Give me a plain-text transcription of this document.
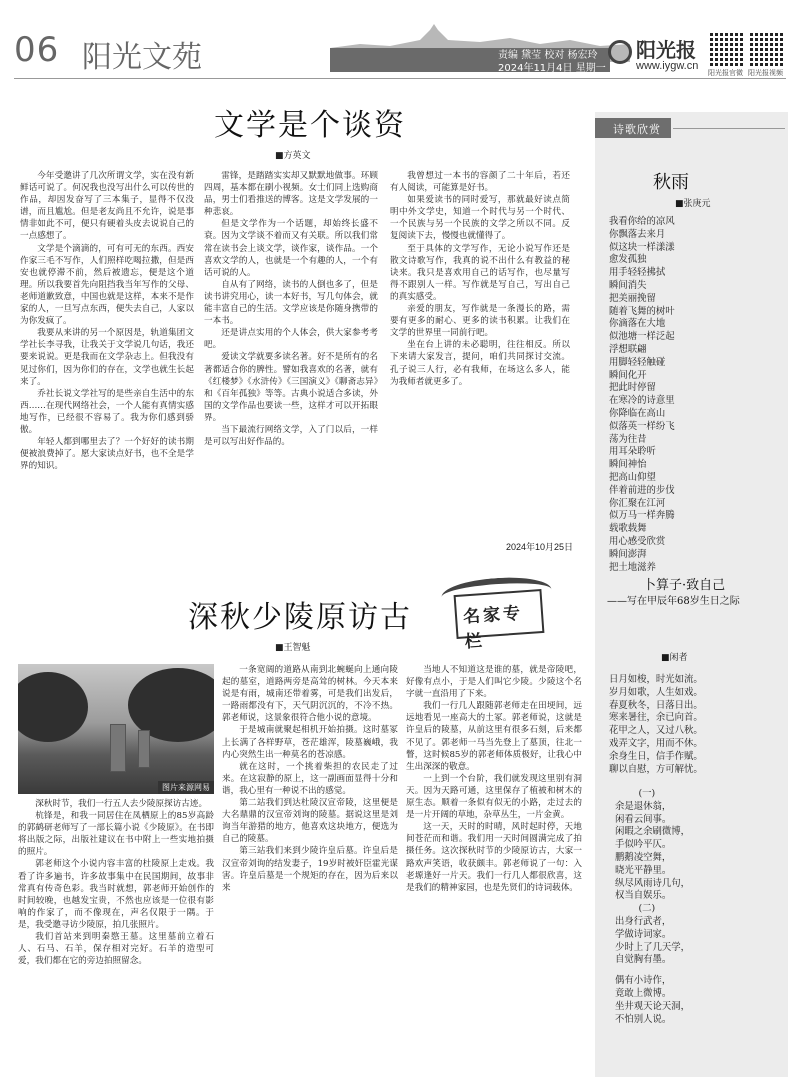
06 阳光文苑	责编 黛莹 校对 杨宏玲
2024年11月4日 星期一
阳光报
www.iygw.cn
阳光报官微 阳光报视频
文学是个谈资
■方英文

今年受邀讲了几次所谓文学，实在没有新鲜话可说了。何况我也没写出什么可以传世的作品，却因发奋写了三本集子，显得不仅没谱，而且尴尬。但是老友尚且不允许，说是事情非如此不可，便只有硬着头皮去说说自己的一点感想了。

文学是个滴滴的，可有可无的东西。西安作家三毛不写作，人们照样吃喝拉撒，但是西安也就停滞不前，然后被遗忘，便是这个道理。所以我要首先向阻挡我当年写作的父母、老师道歉致意，中国也就是这样，本来不是作家的人，一旦写点东西，便失去自己，人家以为你发疯了。

我要从来讲的另一个原因是，轨道集团文学社长李寻我，让我关于文学说几句话，我还要来说说。更是我而在文学杂志上。但我没有见过你们，因为你们的存在，文学也就生长起来了。

乔社长说文学社写的是些亲自生活中的东西……在现代网络社会，一个人能有真情实感地写作，已经很不容易了。我为你们感到骄傲。

年轻人都到哪里去了？一个好好的读书期便被浪费掉了。愿大家读点好书，也不全是学界的知识。

雷锋，是踏踏实实却又默默地做事。环顾四周，基本都在刷小视频。女士们同上选购商品，男士们看推送的博客。这是文学发展的一种悲哀。

但是文学作为一个话题，却始终长盛不衰。因为文学谈不着而又有关联。所以我们常常在读书会上谈文学，谈作家，谈作品。一个喜欢文学的人，也就是一个有趣的人，一个有话可说的人。

自从有了网络，读书的人倒也多了，但是读书讲究用心，读一本好书，写几句体会，就能丰富自己的生活。文学应该是你随身携带的一本书。

还是讲点实用的个人体会，供大家参考考吧。

爱读文学就要多读名著。好不是所有的名著都适合你的脾性。譬如我喜欢的名著，就有《红楼梦》《水浒传》《三国演义》《聊斋志异》和《百年孤独》等等。古典小说适合多读，外国的文学作品也要读一些，这样才可以开拓眼界。

当下最流行网络文学，入了门以后，一样是可以写出好作品的。

我曾想过一本书的容颜了二十年后，若还有人阅读，可能算是好书。

如果爱读书的同时爱写，那就最好读点简明中外文学史，知道一个时代与另一个时代、一个民族与另一个民族的文学之所以不同。反复阅读下去，慢慢也就懂得了。

至于具体的文学写作，无论小说写作还是散文诗歌写作，我真的说不出什么有教益的秘诀来。我只是喜欢用自己的话写作，也尽量写得不跟别人一样。写作就是写自己，写出自己的真实感受。

亲爱的朋友，写作就是一条漫长的路，需要有更多的耐心、更多的读书积累。让我们在文学的世界里一同前行吧。

坐在台上讲的未必聪明，往往相反。所以下来请大家发言，提问，咱们共同探讨交流。孔子说三人行，必有我师，在场这么多人，能为我师者就更多了。

2024年10月25日
名家专栏
深秋少陵原访古
■王智魁
图片来源网易

深秋时节，我们一行五人去少陵原探访古迹。

杭锋是，和我一同居住在凤栖原上的85岁高龄的郭鹤研老师写了一部长篇小说《少陵原》。在书即将出版之际，出版社建议在书中附上一些实地拍摄的照片。

郭老师这个小说内容丰富的杜陵原上走戏。我看了许多遍书，许多故事集中在民国期间，故事非常真有传奇色彩。我当时就想，郭老师开始创作的时间较晚，也越发宝贵，不然也应该是一位很有影响的作家了，而不像现在，声名仅限于一隅。于是，我受邀寻访少陵原，拍几张照片。

我们首站来到明秦愍王墓。这里墓前立着石人、石马、石羊，保存相对完好。石羊的造型可爱，我们都在它的旁边拍照留念。

一条宽阔的道路从南到北蜿蜒向上通向陵起的墓室，道路两旁是高耸的树林。今天本来说是有雨，城南还带着雾，可是我们出发后，一路雨都没有下，天气阴沉沉的，不冷不热。郭老师说，这景象很符合他小说的意境。

于是城南就聚起相机开始拍摄。这时墓冢上长满了各样野草，苍茫雄浑，陵墓巍峨，我内心突然生出一种莫名的苍凉感。

就在这时，一个挑着柴担的农民走了过来。在这寂静的原上，这一副画面显得十分和谐，我心里有一种说不出的感觉。

第二站我们到达杜陵汉宣帝陵，这里便是大名鼎鼎的汉宣帝刘询的陵墓。据说这里是刘询当年游猎的地方，他喜欢这块地方，便选为自己的陵墓。

第三站我们来到少陵许皇后墓。许皇后是汉宣帝刘询的结发妻子，19岁时被奸臣霍光谋害。许皇后墓是一个规矩的存在，因为后来以来

当地人不知道这是谁的墓，就是帝陵吧，好像有点小，于是人们叫它少陵。少陵这个名字就一直沿用了下来。

我们一行几人跟随郭老师走在田埂间，远远地看见一座高大的土冢。郭老师说，这就是许皇后的陵墓，从前这里有很多石刻，后来都不见了。郭老师一马当先登上了墓顶，往北一瞥，这时候85岁的郭老师体质极好，让我心中生出深深的敬意。

一上到一个台阶，我们就发现这里别有洞天。因为天路可通，这里保存了植被和树木的原生态。顺着一条似有似无的小路，走过去的是一片开阔的草地，杂草丛生，一片金黄。

这一天，天时的时晴，风时起时停，天地间苍茫而和谐。我们用一天时间圆满完成了拍摄任务。这次探秋时节的少陵原访古，大家一路欢声笑语，收获颇丰。郭老师说了一句：入老塬逢好一片天。我们一行几人都很欣喜，这是我们的精神家园，也是先贤们的诗词载体。

诗歌欣赏
秋雨
■张庚元
我看你给的凉风
你飘落去来月
似这块一样漾漾
愈发孤独
用手轻轻拂拭
瞬间消失
把美丽挽留
随着飞舞的树叶
你滴落在大地
似池塘一样泛起
浮想联翩
用脚轻轻触碰
瞬间化开
把此时停留
在寒冷的诗意里
你降临在高山
似落英一样纷飞
荡为往昔
用耳朵聆听
瞬间神怡
把高山仰望
伴着前进的步伐
你汇聚在江河
似万马一样奔腾
载歌载舞
用心感受欣赏
瞬间澎湃
把土地滋养
卜算子·致自己
——写在甲辰年68岁生日之际
■闲者
日月如梭，时光如流。
岁月如歌，人生如戏。
春夏秋冬，日落日出。
寒来暑往，余已向首。
花甲之人，又过八秋。
戏弄文字，用而不休。
余身生日，信手作赋。
聊以自慰，方可解忧。
(一)
余是退休翁，
闲看云间事。
闲暇之余刷微博，
手似吟平仄。
鹏鹅凌空舞，
晓光平静里。
纵尽风雨诗几句，
权当自娱乐。
(二)
出身行武者，
学做诗词家。
少时上了几天学，
自觉胸有墨。
偶有小诗作，
竟敢上微博。
坐井观天论天洞，
不怕别人说。
